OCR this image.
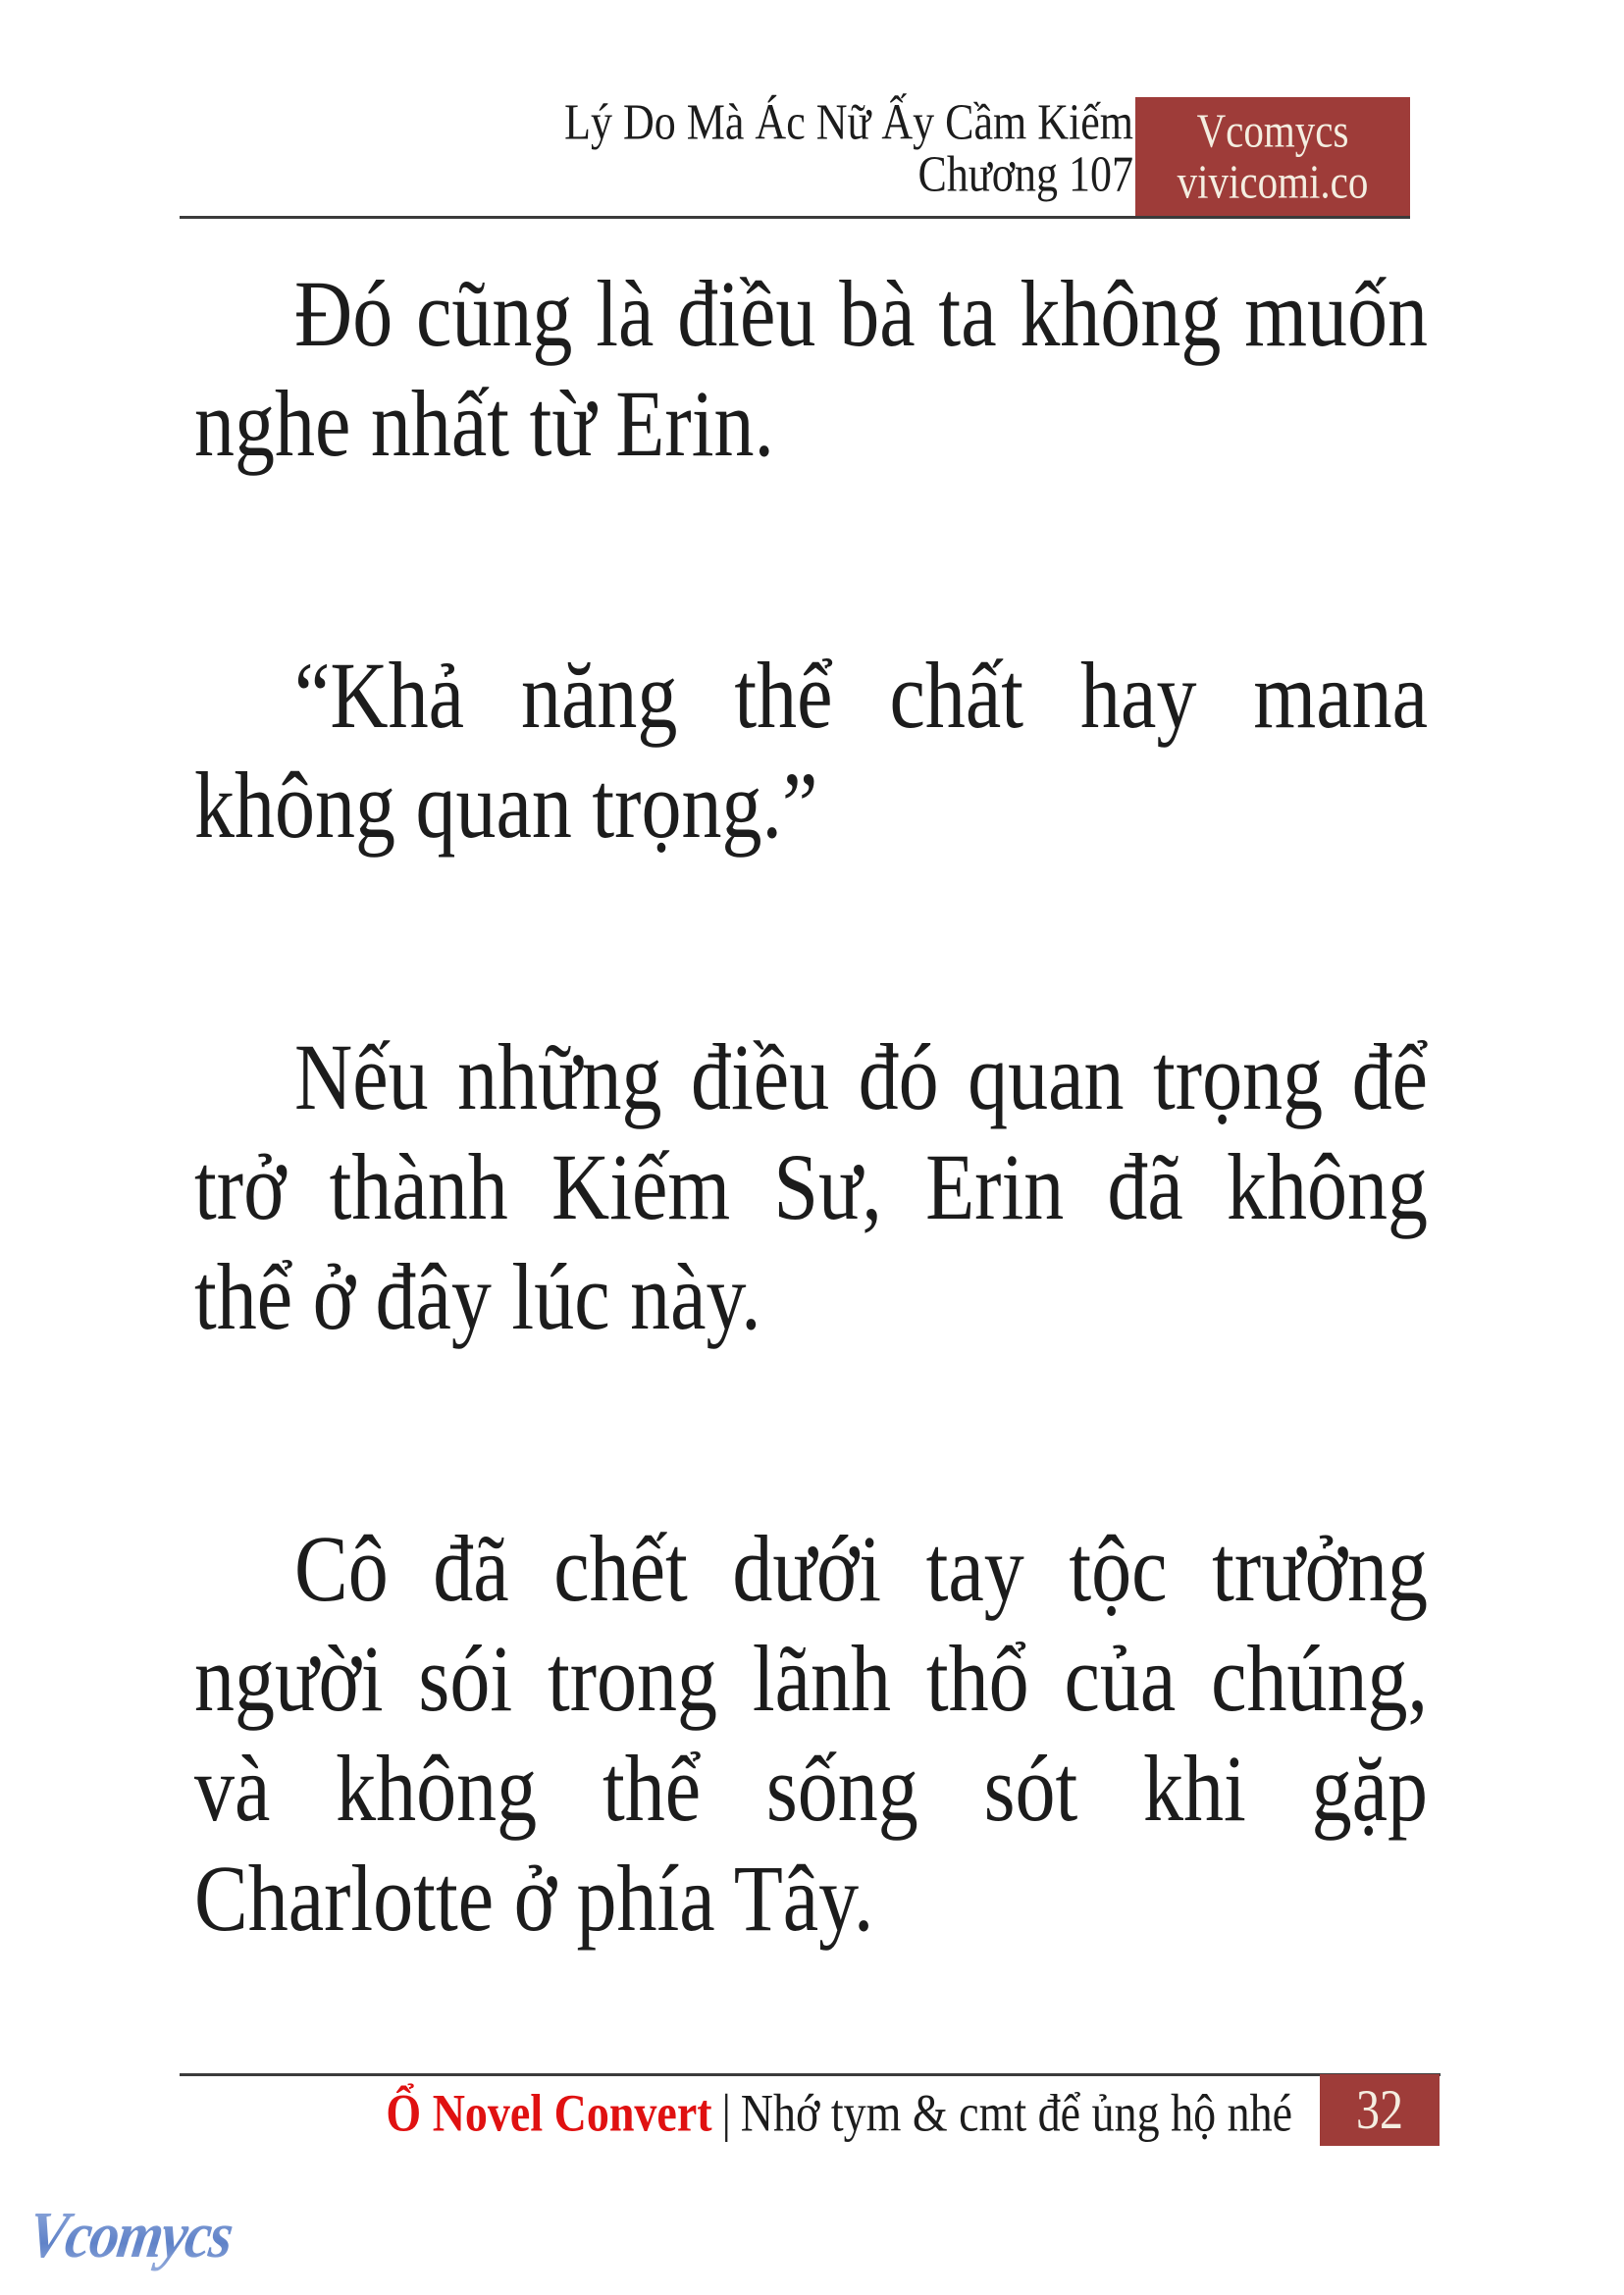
Lý Do Mà Ác Nữ Ấy Cầm Kiếm
Chương 107
Vcomycs
vivicomi.co
Đó cũng là điều bà ta không muốn
nghe nhất từ Erin.
“Khả năng thể chất hay mana
không quan trọng.”
Nếu những điều đó quan trọng để
trở thành Kiếm Sư, Erin đã không
thể ở đây lúc này.
Cô đã chết dưới tay tộc trưởng
người sói trong lãnh thổ của chúng,
và không thể sống sót khi gặp
Charlotte ở phía Tây.
Ổ Novel Convert | Nhớ tym & cmt để ủng hộ nhé	32
Vcomycs
